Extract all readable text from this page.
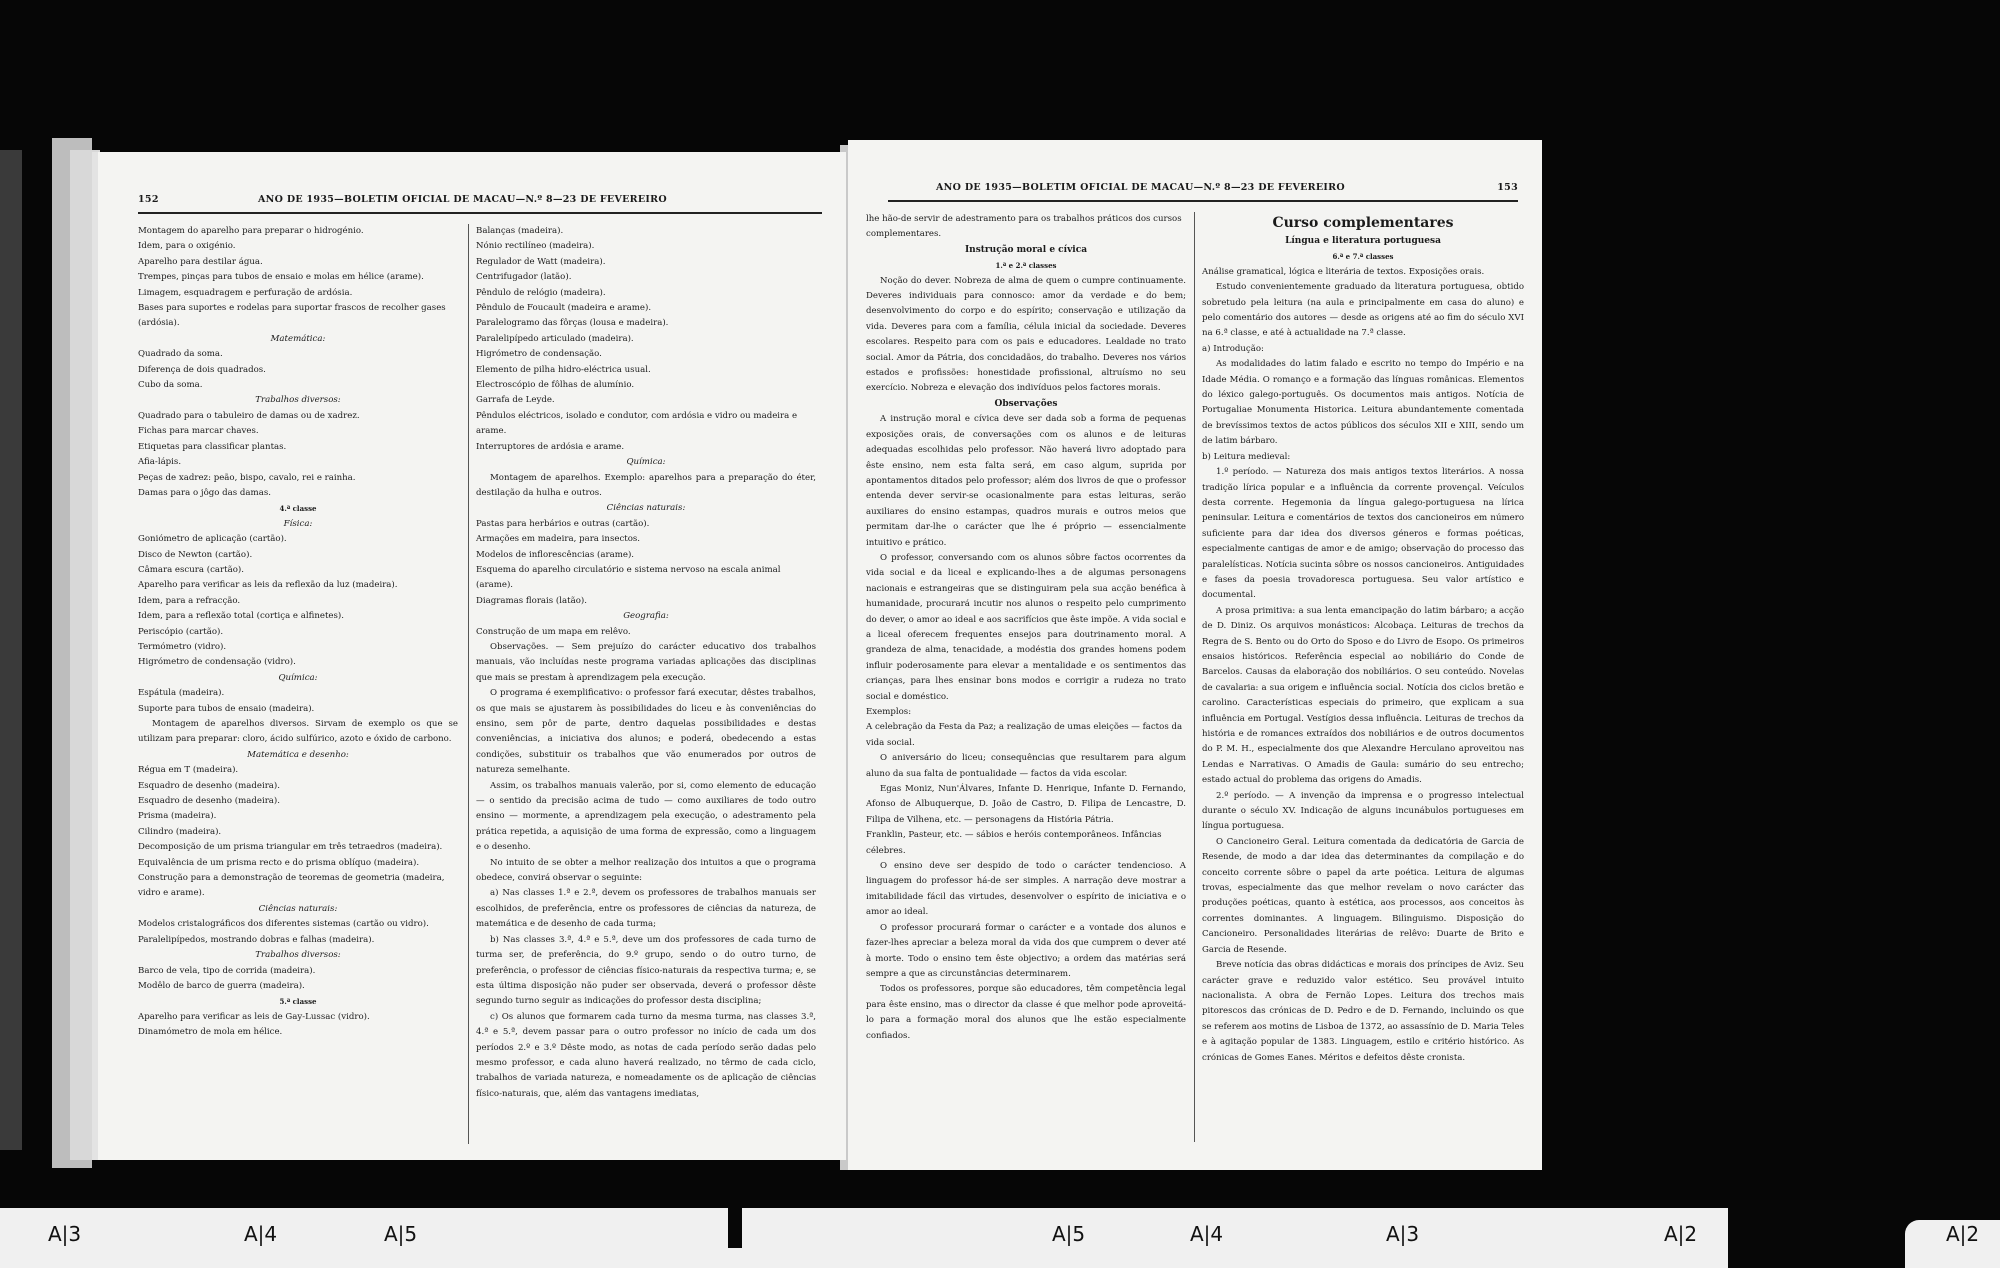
152	ANO DE 1935—BOLETIM OFICIAL DE MACAU—N.º 8—23 DE FEVEREIRO

Montagem do aparelho para preparar o hidrogénio.

Idem, para o oxigénio.

Aparelho para destilar água.

Trempes, pinças para tubos de ensaio e molas em hélice (arame).

Limagem, esquadragem e perfuração de ardósia.

Bases para suportes e rodelas para suportar frascos de recolher gases (ardósia).

Matemática:

Quadrado da soma.

Diferença de dois quadrados.

Cubo da soma.

Trabalhos diversos:

Quadrado para o tabuleiro de damas ou de xadrez.

Fichas para marcar chaves.

Etiquetas para classificar plantas.

Afia-lápis.

Peças de xadrez: peão, bispo, cavalo, rei e rainha.

Damas para o jôgo das damas.

4.ª classe

Física:

Goniómetro de aplicação (cartão).

Disco de Newton (cartão).

Câmara escura (cartão).

Aparelho para verificar as leis da reflexão da luz (madeira).

Idem, para a refracção.

Idem, para a reflexão total (cortiça e alfinetes).

Periscópio (cartão).

Termómetro (vidro).

Higrómetro de condensação (vidro).

Química:

Espátula (madeira).

Suporte para tubos de ensaio (madeira).

Montagem de aparelhos diversos. Sirvam de exemplo os que se utilizam para preparar: cloro, ácido sulfúrico, azoto e óxido de carbono.

Matemática e desenho:

Régua em T (madeira).

Esquadro de desenho (madeira).

Esquadro de desenho (madeira).

Prisma (madeira).

Cilindro (madeira).

Decomposição de um prisma triangular em três tetraedros (madeira).

Equivalência de um prisma recto e do prisma oblíquo (madeira).

Construção para a demonstração de teoremas de geometria (madeira, vidro e arame).

Ciências naturais:

Modelos cristalográficos dos diferentes sistemas (cartão ou vidro).

Paralelipípedos, mostrando dobras e falhas (madeira).

Trabalhos diversos:

Barco de vela, tipo de corrida (madeira).

Modêlo de barco de guerra (madeira).

5.ª classe

Aparelho para verificar as leis de Gay-Lussac (vidro).

Dinamómetro de mola em hélice.

Balanças (madeira).

Nónio rectilíneo (madeira).

Regulador de Watt (madeira).

Centrifugador (latão).

Pêndulo de relógio (madeira).

Pêndulo de Foucault (madeira e arame).

Paralelogramo das fôrças (lousa e madeira).

Paralelipípedo articulado (madeira).

Higrómetro de condensação.

Elemento de pilha hidro-eléctrica usual.

Electroscópio de fôlhas de alumínio.

Garrafa de Leyde.

Pêndulos eléctricos, isolado e condutor, com ardósia e vidro ou madeira e arame.

Interruptores de ardósia e arame.

Química:

Montagem de aparelhos. Exemplo: aparelhos para a preparação do éter, destilação da hulha e outros.

Ciências naturais:

Pastas para herbários e outras (cartão).

Armações em madeira, para insectos.

Modelos de inflorescências (arame).

Esquema do aparelho circulatório e sistema nervoso na escala animal (arame).

Diagramas florais (latão).

Geografia:

Construção de um mapa em relêvo.

Observações. — Sem prejuízo do carácter educativo dos trabalhos manuais, vão incluídas neste programa variadas aplicações das disciplinas que mais se prestam à aprendizagem pela execução.

O programa é exemplificativo: o professor fará executar, dêstes trabalhos, os que mais se ajustarem às possibilidades do liceu e às conveniências do ensino, sem pôr de parte, dentro daquelas possibilidades e destas conveniências, a iniciativa dos alunos; e poderá, obedecendo a estas condições, substituir os trabalhos que vão enumerados por outros de natureza semelhante.

Assim, os trabalhos manuais valerão, por si, como elemento de educação — o sentido da precisão acima de tudo — como auxiliares de todo outro ensino — mormente, a aprendizagem pela execução, o adestramento pela prática repetida, a aquisição de uma forma de expressão, como a linguagem e o desenho.

No intuito de se obter a melhor realização dos intuitos a que o programa obedece, convirá observar o seguinte:

a) Nas classes 1.ª e 2.ª, devem os professores de trabalhos manuais ser escolhidos, de preferência, entre os professores de ciências da natureza, de matemática e de desenho de cada turma;

b) Nas classes 3.ª, 4.ª e 5.ª, deve um dos professores de cada turno de turma ser, de preferência, do 9.º grupo, sendo o do outro turno, de preferência, o professor de ciências físico-naturais da respectiva turma; e, se esta última disposição não puder ser observada, deverá o professor dêste segundo turno seguir as indicações do professor desta disciplina;

c) Os alunos que formarem cada turno da mesma turma, nas classes 3.ª, 4.ª e 5.ª, devem passar para o outro professor no início de cada um dos períodos 2.º e 3.º Dêste modo, as notas de cada período serão dadas pelo mesmo professor, e cada aluno haverá realizado, no têrmo de cada ciclo, trabalhos de variada natureza, e nomeadamente os de aplicação de ciências físico-naturais, que, além das vantagens imediatas,

ANO DE 1935—BOLETIM OFICIAL DE MACAU—N.º 8—23 DE FEVEREIRO	153

lhe hão-de servir de adestramento para os trabalhos práticos dos cursos complementares.

Instrução moral e cívica

1.ª e 2.ª classes

Noção do dever. Nobreza de alma de quem o cumpre continuamente. Deveres individuais para connosco: amor da verdade e do bem; desenvolvimento do corpo e do espírito; conservação e utilização da vida. Deveres para com a família, célula inicial da sociedade. Deveres escolares. Respeito para com os pais e educadores. Lealdade no trato social. Amor da Pátria, dos concidadãos, do trabalho. Deveres nos vários estados e profissões: honestidade profissional, altruísmo no seu exercício. Nobreza e elevação dos indivíduos pelos factores morais.

Observações

A instrução moral e cívica deve ser dada sob a forma de pequenas exposições orais, de conversações com os alunos e de leituras adequadas escolhidas pelo professor. Não haverá livro adoptado para êste ensino, nem esta falta será, em caso algum, suprida por apontamentos ditados pelo professor; além dos livros de que o professor entenda dever servir-se ocasionalmente para estas leituras, serão auxiliares do ensino estampas, quadros murais e outros meios que permitam dar-lhe o carácter que lhe é próprio — essencialmente intuitivo e prático.

O professor, conversando com os alunos sôbre factos ocorrentes da vida social e da liceal e explicando-lhes a de algumas personagens nacionais e estrangeiras que se distinguiram pela sua acção benéfica à humanidade, procurará incutir nos alunos o respeito pelo cumprimento do dever, o amor ao ideal e aos sacrifícios que êste impõe. A vida social e a liceal oferecem frequentes ensejos para doutrinamento moral. A grandeza de alma, tenacidade, a modéstia dos grandes homens podem influir poderosamente para elevar a mentalidade e os sentimentos das crianças, para lhes ensinar bons modos e corrigir a rudeza no trato social e doméstico.

Exemplos:

A celebração da Festa da Paz; a realização de umas eleições — factos da vida social.

O aniversário do liceu; consequências que resultarem para algum aluno da sua falta de pontualidade — factos da vida escolar.

Egas Moniz, Nun'Álvares, Infante D. Henrique, Infante D. Fernando, Afonso de Albuquerque, D. João de Castro, D. Filipa de Lencastre, D. Filipa de Vilhena, etc. — personagens da História Pátria.

Franklin, Pasteur, etc. — sábios e heróis contemporâneos. Infâncias célebres.

O ensino deve ser despido de todo o carácter tendencioso. A linguagem do professor há-de ser simples. A narração deve mostrar a imitabilidade fácil das virtudes, desenvolver o espírito de iniciativa e o amor ao ideal.

O professor procurará formar o carácter e a vontade dos alunos e fazer-lhes apreciar a beleza moral da vida dos que cumprem o dever até à morte. Todo o ensino tem êste objectivo; a ordem das matérias será sempre a que as circunstâncias determinarem.

Todos os professores, porque são educadores, têm competência legal para êste ensino, mas o director da classe é que melhor pode aproveitá-lo para a formação moral dos alunos que lhe estão especialmente confiados.

Curso complementares

Língua e literatura portuguesa

6.ª e 7.ª classes

Análise gramatical, lógica e literária de textos. Exposições orais.

Estudo convenientemente graduado da literatura portuguesa, obtido sobretudo pela leitura (na aula e principalmente em casa do aluno) e pelo comentário dos autores — desde as origens até ao fim do século XVI na 6.ª classe, e até à actualidade na 7.ª classe.

a) Introdução:

As modalidades do latim falado e escrito no tempo do Império e na Idade Média. O romanço e a formação das línguas românicas. Elementos do léxico galego-português. Os documentos mais antigos. Notícia de Portugaliae Monumenta Historica. Leitura abundantemente comentada de brevíssimos textos de actos públicos dos séculos XII e XIII, sendo um de latim bárbaro.

b) Leitura medieval:

1.º período. — Natureza dos mais antigos textos literários. A nossa tradição lírica popular e a influência da corrente provençal. Veículos desta corrente. Hegemonia da língua galego-portuguesa na lírica peninsular. Leitura e comentários de textos dos cancioneiros em número suficiente para dar idea dos diversos géneros e formas poéticas, especialmente cantigas de amor e de amigo; observação do processo das paralelísticas. Notícia sucinta sôbre os nossos cancioneiros. Antiguidades e fases da poesia trovadoresca portuguesa. Seu valor artístico e documental.

A prosa primitiva: a sua lenta emancipação do latim bárbaro; a acção de D. Diniz. Os arquivos monásticos: Alcobaça. Leituras de trechos da Regra de S. Bento ou do Orto do Sposo e do Livro de Esopo. Os primeiros ensaios históricos. Referência especial ao nobiliário do Conde de Barcelos. Causas da elaboração dos nobiliários. O seu conteúdo. Novelas de cavalaria: a sua origem e influência social. Notícia dos ciclos bretão e carolino. Características especiais do primeiro, que explicam a sua influência em Portugal. Vestígios dessa influência. Leituras de trechos da história e de romances extraídos dos nobiliários e de outros documentos do P. M. H., especialmente dos que Alexandre Herculano aproveitou nas Lendas e Narrativas. O Amadis de Gaula: sumário do seu entrecho; estado actual do problema das origens do Amadis.

2.º período. — A invenção da imprensa e o progresso intelectual durante o século XV. Indicação de alguns incunábulos portugueses em língua portuguesa.

O Cancioneiro Geral. Leitura comentada da dedicatória de Garcia de Resende, de modo a dar idea das determinantes da compilação e do conceito corrente sôbre o papel da arte poética. Leitura de algumas trovas, especialmente das que melhor revelam o novo carácter das produções poéticas, quanto à estética, aos processos, aos conceitos às correntes dominantes. A linguagem. Bilinguismo. Disposição do Cancioneiro. Personalidades literárias de relêvo: Duarte de Brito e Garcia de Resende.

Breve notícia das obras didácticas e morais dos príncipes de Aviz. Seu carácter grave e reduzido valor estético. Seu provável intuito nacionalista. A obra de Fernão Lopes. Leitura dos trechos mais pitorescos das crónicas de D. Pedro e de D. Fernando, incluindo os que se referem aos motins de Lisboa de 1372, ao assassínio de D. Maria Teles e à agitação popular de 1383. Linguagem, estilo e critério histórico. As crónicas de Gomes Eanes. Méritos e defeitos dêste cronista.

A|3	A|4	A|5	A|5	A|4	A|3	A|2	A|2
